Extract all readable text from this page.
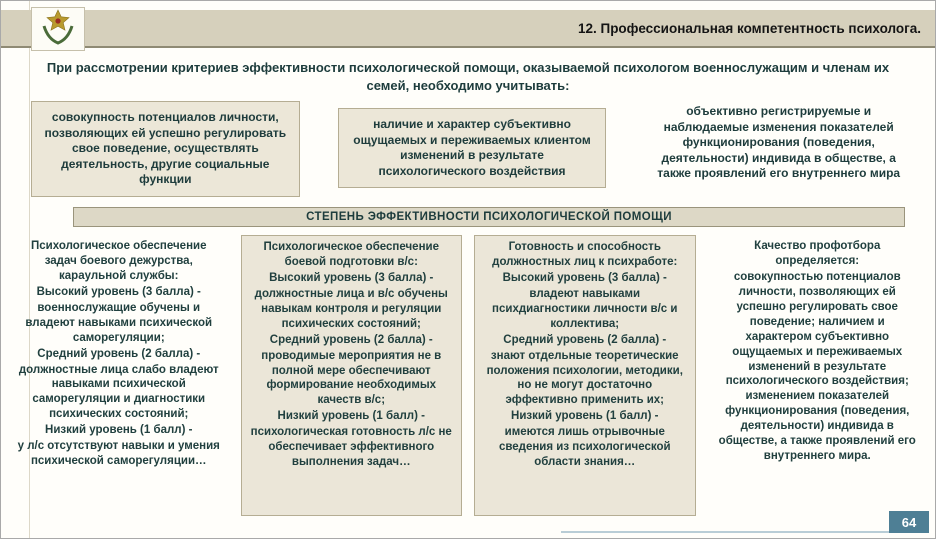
12. Профессиональная компетентность психолога.
При рассмотрении критериев эффективности психологической помощи, оказываемой психологом военнослужащим и членам их семей, необходимо учитывать:
совокупность потенциалов личности, позволяющих ей успешно регулировать свое поведение, осуществлять деятельность, другие социальные функции
наличие и характер субъективно ощущаемых и переживаемых клиентом изменений в результате психологического воздействия
объективно регистрируемые и наблюдаемые изменения показателей функционирования (поведения, деятельности) индивида в обществе, а также проявлений его внутреннего мира
СТЕПЕНЬ ЭФФЕКТИВНОСТИ ПСИХОЛОГИЧЕСКОЙ ПОМОЩИ
Психологическое обеспечение задач боевого дежурства, караульной службы:
Высокий уровень (3 балла) -
военнослужащие обучены и владеют навыками психической саморегуляции;
Средний уровень (2 балла) -
должностные лица слабо владеют навыками психической саморегуляции и диагностики психических состояний;
Низкий уровень (1 балл) -
у л/с отсутствуют навыки и умения психической саморегуляции…
Психологическое обеспечение боевой подготовки в/с:
Высокий уровень (3 балла) -
должностные лица и в/с обучены навыкам контроля и регуляции психических состояний;
Средний уровень (2 балла) -
проводимые мероприятия не в полной мере обеспечивают формирование необходимых качеств в/с;
Низкий уровень (1 балл) -
психологическая готовность л/с не обеспечивает эффективного выполнения задач…
Готовность и способность должностных лиц к психработе:
Высокий уровень (3 балла) -
владеют навыками психдиагностики личности в/с и коллектива;
Средний уровень (2 балла) -
знают отдельные теоретические положения психологии, методики, но не могут достаточно эффективно применить их;
Низкий уровень (1 балл) -
имеются лишь отрывочные сведения из психологической области знания…
Качество профотбора определяется:
совокупностью потенциалов личности, позволяющих ей успешно регулировать свое поведение; наличием и характером субъективно ощущаемых и переживаемых изменений в результате психологического воздействия; изменением показателей функционирования (поведения, деятельности) индивида в обществе, а также проявлений его внутреннего мира.
64
